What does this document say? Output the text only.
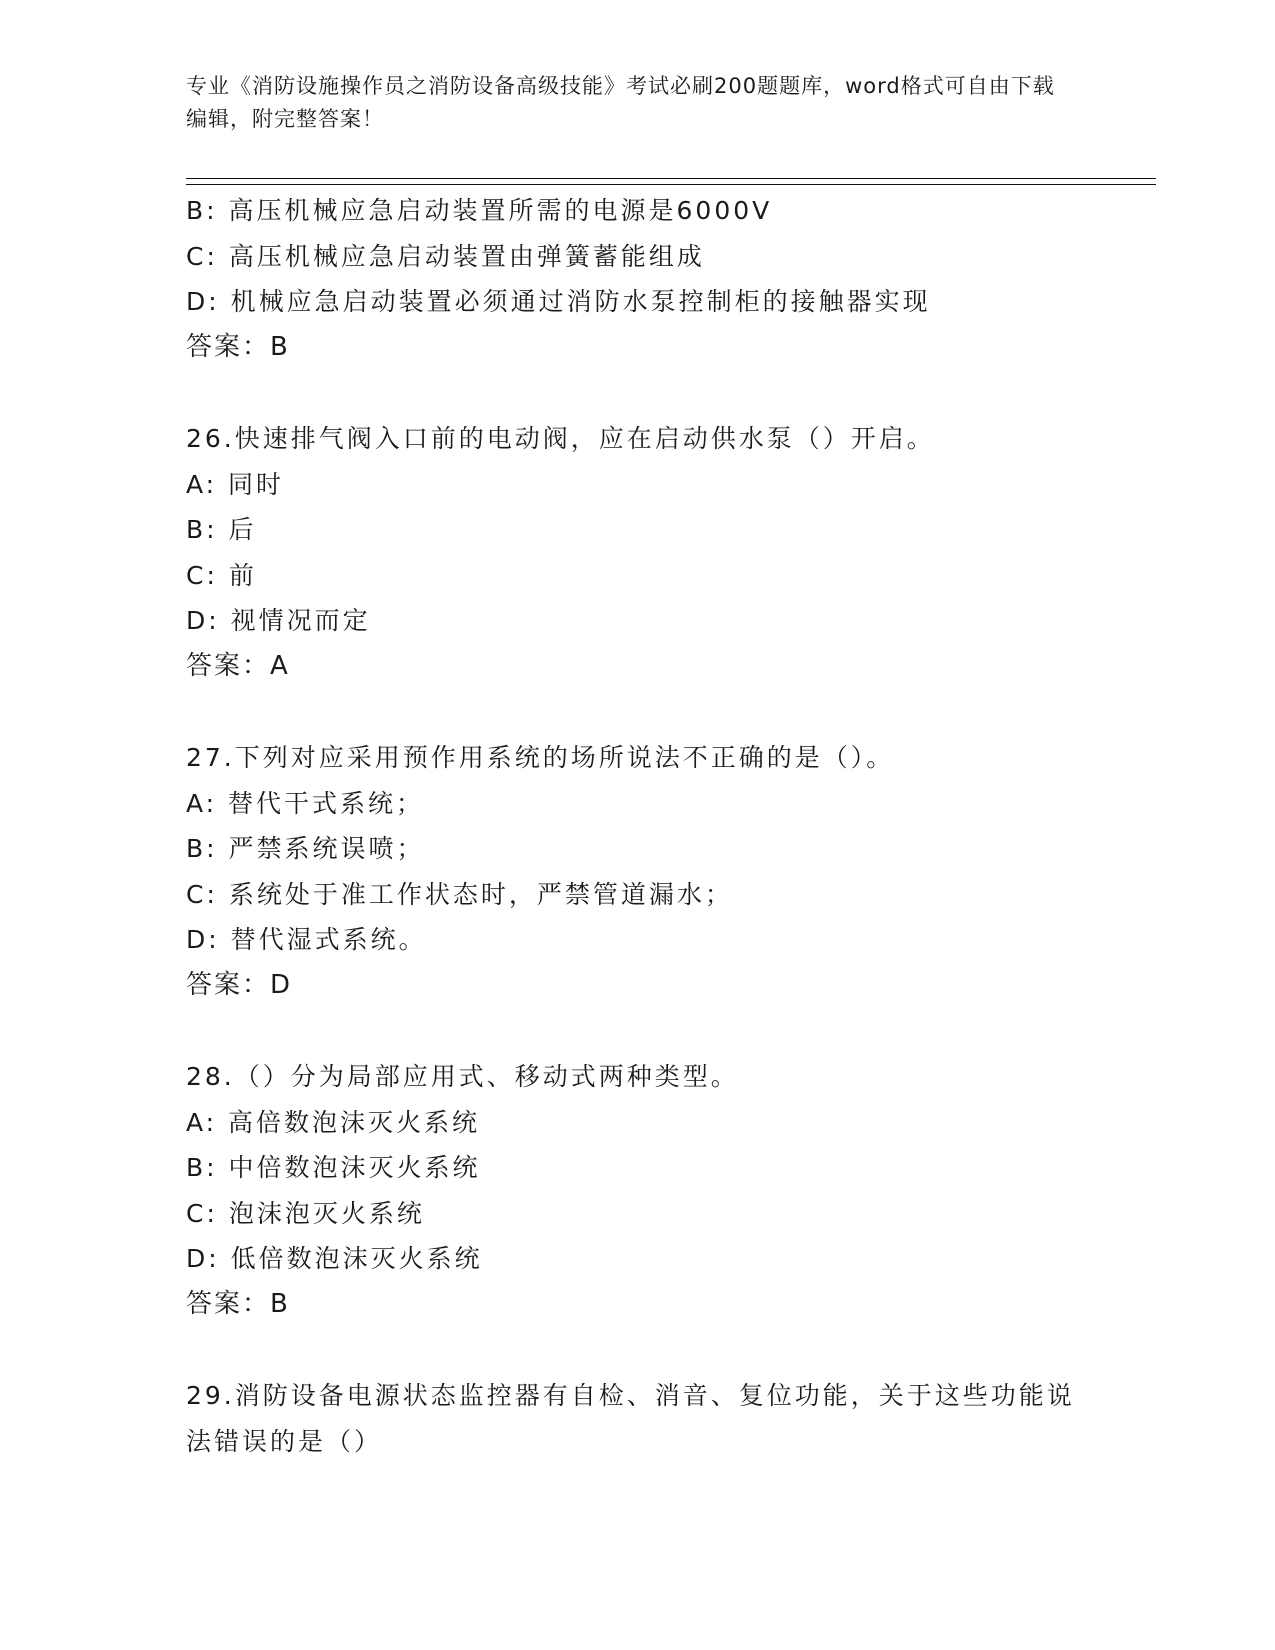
专业《消防设施操作员之消防设备高级技能》考试必刷200题题库，word格式可自由下载编辑，附完整答案！
B: 高压机械应急启动装置所需的电源是6000V
C: 高压机械应急启动装置由弹簧蓄能组成
D: 机械应急启动装置必须通过消防水泵控制柜的接触器实现
答案：B
26.快速排气阀入口前的电动阀，应在启动供水泵（）开启。
A: 同时
B: 后
C: 前
D: 视情况而定
答案：A
27.下列对应采用预作用系统的场所说法不正确的是（）。
A: 替代干式系统；
B: 严禁系统误喷；
C: 系统处于准工作状态时，严禁管道漏水；
D: 替代湿式系统。
答案：D
28.（）分为局部应用式、移动式两种类型。
A: 高倍数泡沫灭火系统
B: 中倍数泡沫灭火系统
C: 泡沫泡灭火系统
D: 低倍数泡沫灭火系统
答案：B
29.消防设备电源状态监控器有自检、消音、复位功能，关于这些功能说法错误的是（）
